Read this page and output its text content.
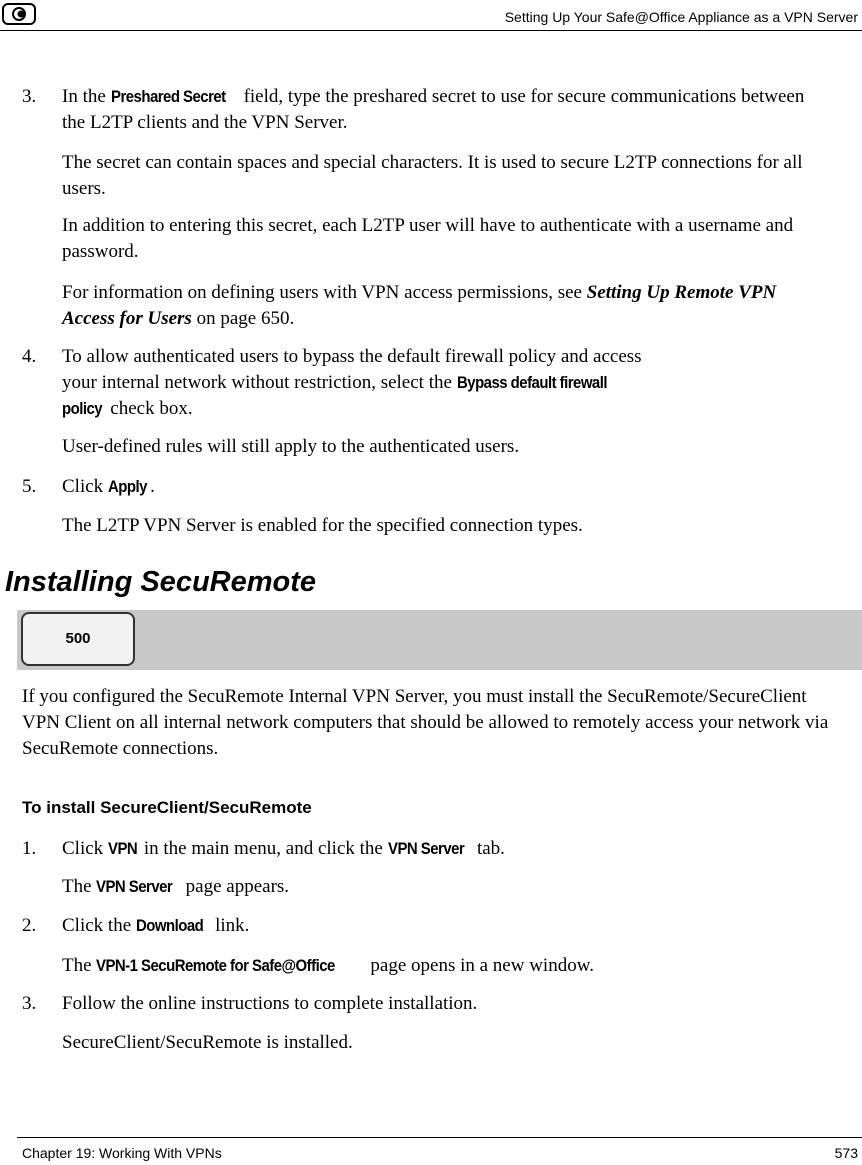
Setting Up Your Safe@Office Appliance as a VPN Server
3. In the Preshared Secret field, type the preshared secret to use for secure communications between the L2TP clients and the VPN Server.
The secret can contain spaces and special characters. It is used to secure L2TP connections for all users.
In addition to entering this secret, each L2TP user will have to authenticate with a username and password.
For information on defining users with VPN access permissions, see Setting Up Remote VPN Access for Users on page 650.
4. To allow authenticated users to bypass the default firewall policy and access
your internal network without restriction, select the Bypass default firewall
policy check box.
User-defined rules will still apply to the authenticated users.
5. Click Apply .
The L2TP VPN Server is enabled for the specified connection types.
Installing SecuRemote
500
If you configured the SecuRemote Internal VPN Server, you must install the SecuRemote/SecureClient VPN Client on all internal network computers that should be allowed to remotely access your network via SecuRemote connections.
To install SecureClient/SecuRemote
1. Click VPN in the main menu, and click the VPN Server tab.
The VPN Server page appears.
2. Click the Download link.
The VPN-1 SecuRemote for Safe@Office page opens in a new window.
3. Follow the online instructions to complete installation.
SecureClient/SecuRemote is installed.
Chapter 19: Working With VPNs	573
